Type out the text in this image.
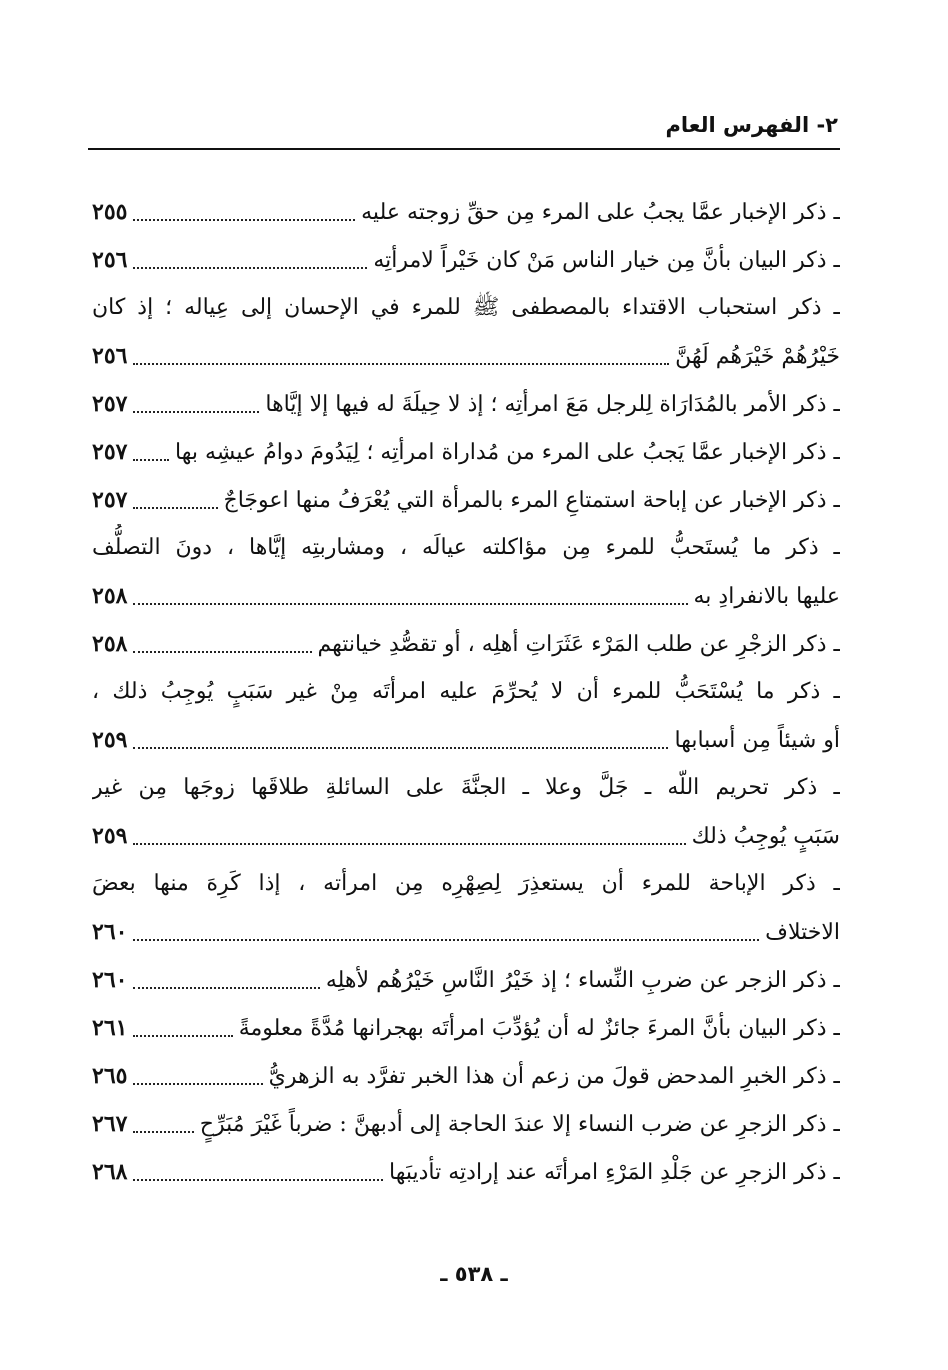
٢- الفهرس العام
ـ ذكر الإخبار عمَّا يجبُ على المرء مِن حقِّ زوجته عليه
٢٥٥
ـ ذكر البيان بأنَّ مِن خيار الناس مَنْ كان خَيْراً لامرأتِه
٢٥٦
ـ ذكر استحباب الاقتداء بالمصطفى ﷺ للمرء في الإحسان إلى عِياله ؛ إذ كان
خَيْرُهُمْ خَيْرَهُم لَهُنَّ
٢٥٦
ـ ذكر الأمر بالمُدَارَاة لِلرجل مَعَ امرأتِه ؛ إذ لا حِيلَةَ له فيها إلا إيَّاها
٢٥٧
ـ ذكر الإخبار عمَّا يَجبُ على المرء من مُداراة امرأتِه ؛ لِيَدُومَ دوامُ عيشِه بها
٢٥٧
ـ ذكر الإخبار عن إباحة استمتاعِ المرء بالمرأة التي يُعْرَفُ منها اعوجَاجٌ
٢٥٧
ـ ذكر ما يُستَحبُّ للمرء مِن مؤاكلته عيالَه ، ومشاربتِه إيَّاها ، دونَ التصلُّف
عليها بالانفرادِ به
٢٥٨
ـ ذكر الزجْرِ عن طلب المَرْء عَثَرَاتِ أهلِه ، أو تقصُّدِ خيانتهم
٢٥٨
ـ ذكر ما يُسْتَحَبُّ للمرء أن لا يُحرِّمَ عليه امرأتَه مِنْ غير سَبَبٍ يُوجِبُ ذلك ،
أو شيئاً مِن أسبابها
٢٥٩
ـ ذكر تحريم اللّه ـ جَلَّ وعلا ـ الجنَّةَ على السائلةِ طلاقَها زوجَها مِن غير
سَبَبٍ يُوجِبُ ذلك
٢٥٩
ـ ذكر الإباحة للمرء أن يستعذِرَ لِصِهْرِه مِن امرأته ، إذا كَرِهَ منها بعضَ
الاختلاف
٢٦٠
ـ ذكر الزجر عن ضربِ النِّساء ؛ إذ خَيْرُ النَّاسِ خَيْرُهُم لأهلِه
٢٦٠
ـ ذكر البيان بأنَّ المرءَ جائزٌ له أن يُؤدِّبَ امرأتَه بهجرانها مُدَّةً معلومةً
٢٦١
ـ ذكر الخبرِ المدحض قولَ من زعم أن هذا الخبر تفرَّد به الزهريُّ
٢٦٥
ـ ذكر الزجرِ عن ضرب النساء إلا عندَ الحاجة إلى أدبهنَّ : ضرباً غَيْرَ مُبَرِّحٍ
٢٦٧
ـ ذكر الزجرِ عن جَلْدِ المَرْءِ امرأتَه عند إرادتِه تأديبَها
٢٦٨
ـ ٥٣٨ ـ
